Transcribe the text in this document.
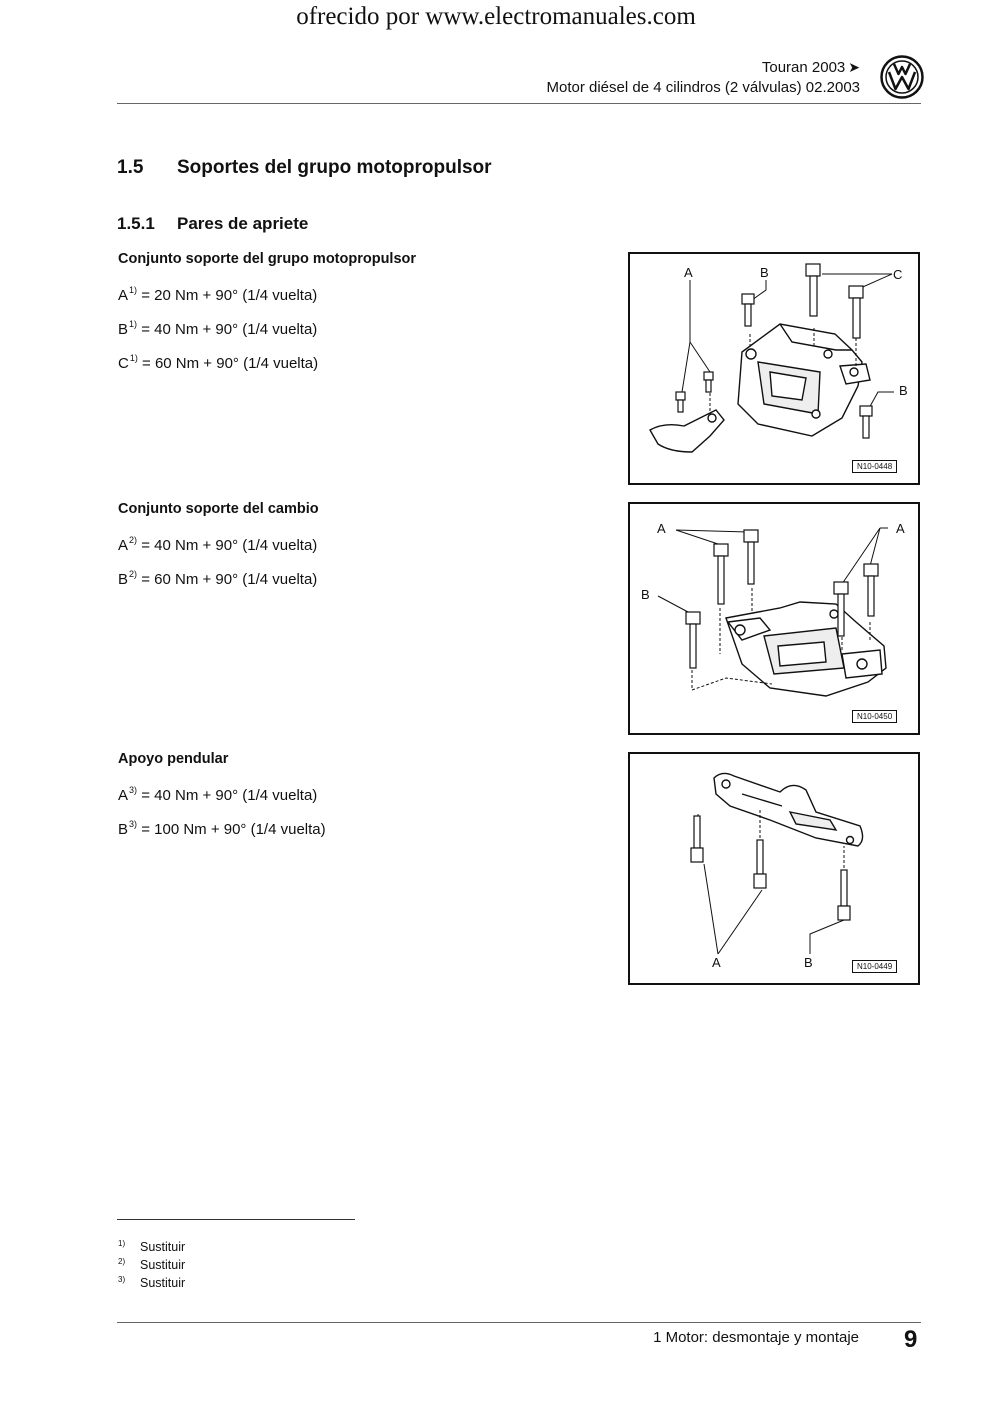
ofrecido por www.electromanuales.com
Touran 2003 ➤
Motor diésel de 4 cilindros (2 válvulas) 02.2003
1.5 Soportes del grupo motopropulsor
1.5.1 Pares de apriete
Conjunto soporte del grupo motopropulsor
$A^{1)} = 20$ Nm + 90° (1/4 vuelta)
$B^{1)} = 40$ Nm + 90° (1/4 vuelta)
$C^{1)} = 60$ Nm + 90° (1/4 vuelta)
A	B	C
B
N10-0448
Conjunto soporte del cambio
$A^{2)} = 40$ Nm + 90° (1/4 vuelta)
$B^{2)} = 60$ Nm + 90° (1/4 vuelta)
A	A
B
N10-0450
Apoyo pendular
$A^{3)} = 40$ Nm + 90° (1/4 vuelta)
$B^{3)} = 100$ Nm + 90° (1/4 vuelta)
A	B	N10-0449
$^{1)}$ Sustituir
$^{2)}$ Sustituir
$^{3)}$ Sustituir
1 Motor: desmontaje y montaje 9
